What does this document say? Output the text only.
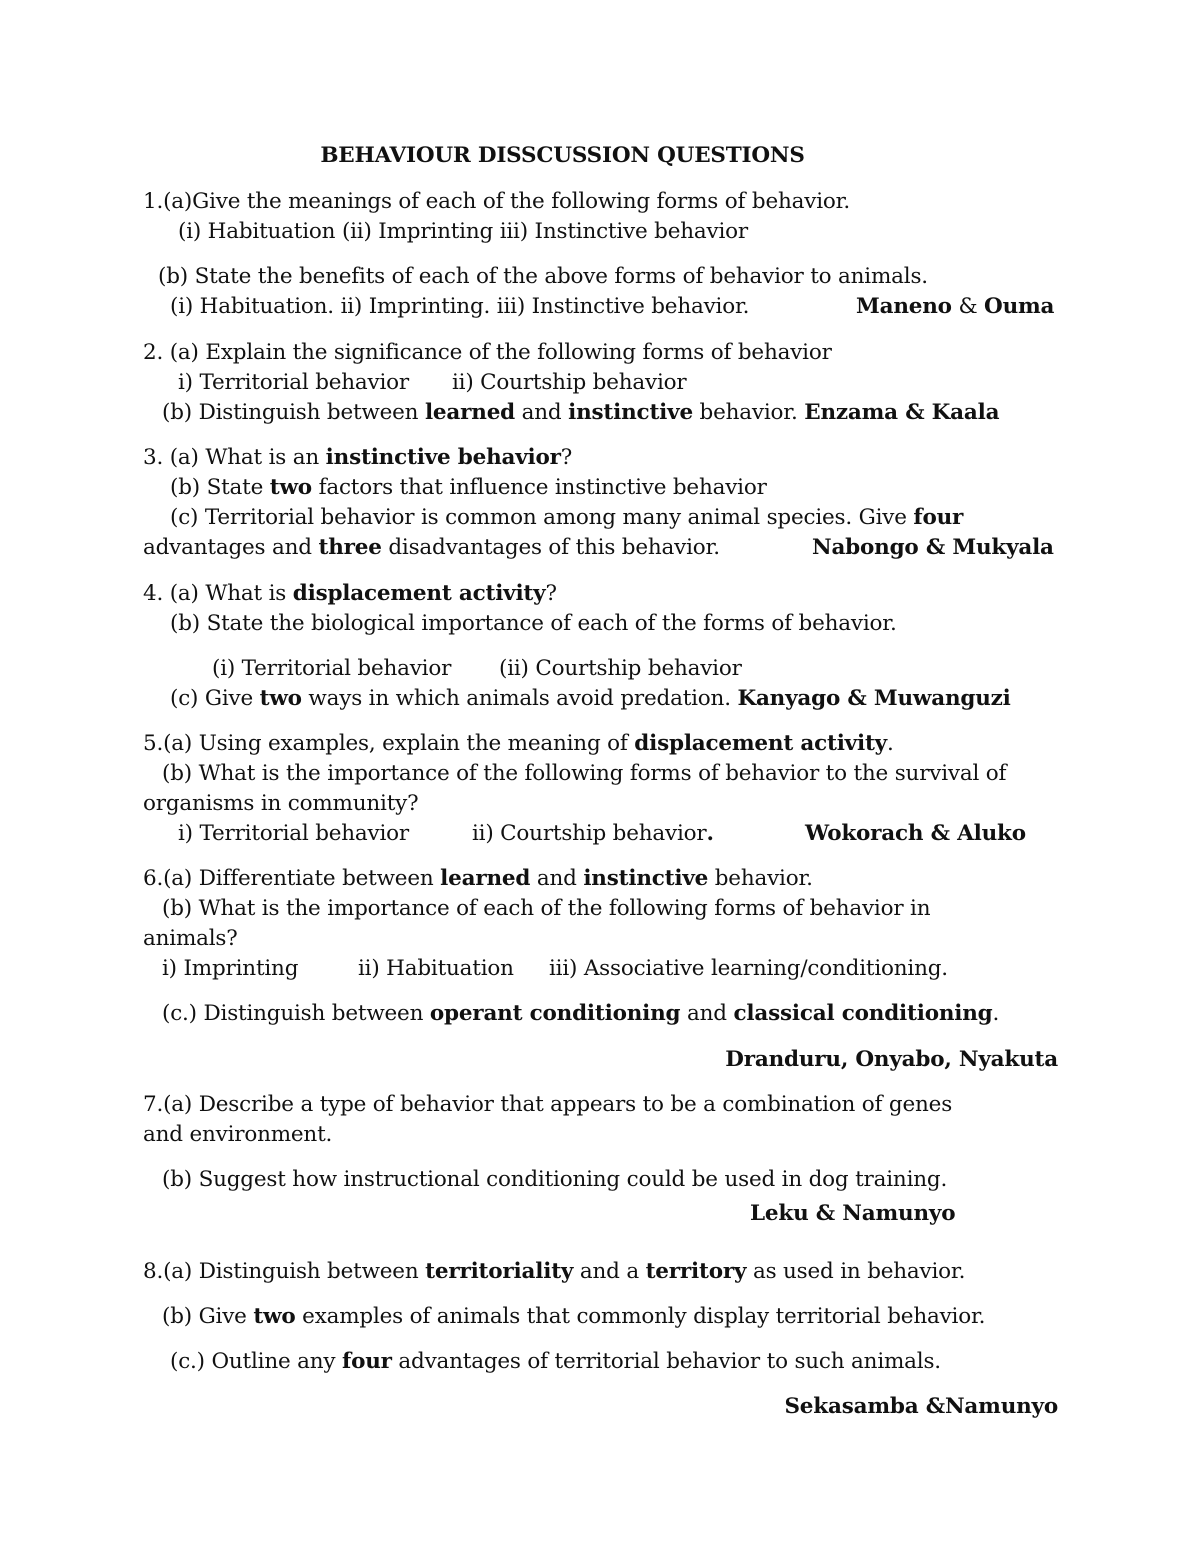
BEHAVIOUR DISSCUSSION QUESTIONS
1.(a)Give the meanings of each of the following forms of behavior.
(i) Habituation (ii) Imprinting iii) Instinctive behavior
(b) State the benefits of each of the above forms of behavior to animals.
(i) Habituation. ii) Imprinting. iii) Instinctive behavior.	Maneno & Ouma
2. (a) Explain the significance of the following forms of behavior
i) Territorial behavior ii) Courtship behavior
(b) Distinguish between learned and instinctive behavior. Enzama & Kaala
3. (a) What is an instinctive behavior?
(b) State two factors that influence instinctive behavior
(c) Territorial behavior is common among many animal species. Give four
advantages and three disadvantages of this behavior.	Nabongo & Mukyala
4. (a) What is displacement activity?
(b) State the biological importance of each of the forms of behavior.
(i) Territorial behavior (ii) Courtship behavior
(c) Give two ways in which animals avoid predation. Kanyago & Muwanguzi
5.(a) Using examples, explain the meaning of displacement activity.
(b) What is the importance of the following forms of behavior to the survival of
organisms in community?
i) Territorial behavior	ii) Courtship behavior.	Wokorach & Aluko
6.(a) Differentiate between learned and instinctive behavior.
(b) What is the importance of each of the following forms of behavior in
animals?
i) Imprinting	ii) Habituation iii) Associative learning/conditioning.
(c.) Distinguish between operant conditioning and classical conditioning.
Dranduru, Onyabo, Nyakuta
7.(a) Describe a type of behavior that appears to be a combination of genes
and environment.
(b) Suggest how instructional conditioning could be used in dog training.
Leku & Namunyo
8.(a) Distinguish between territoriality and a territory as used in behavior.
(b) Give two examples of animals that commonly display territorial behavior.
(c.) Outline any four advantages of territorial behavior to such animals.
Sekasamba &Namunyo
